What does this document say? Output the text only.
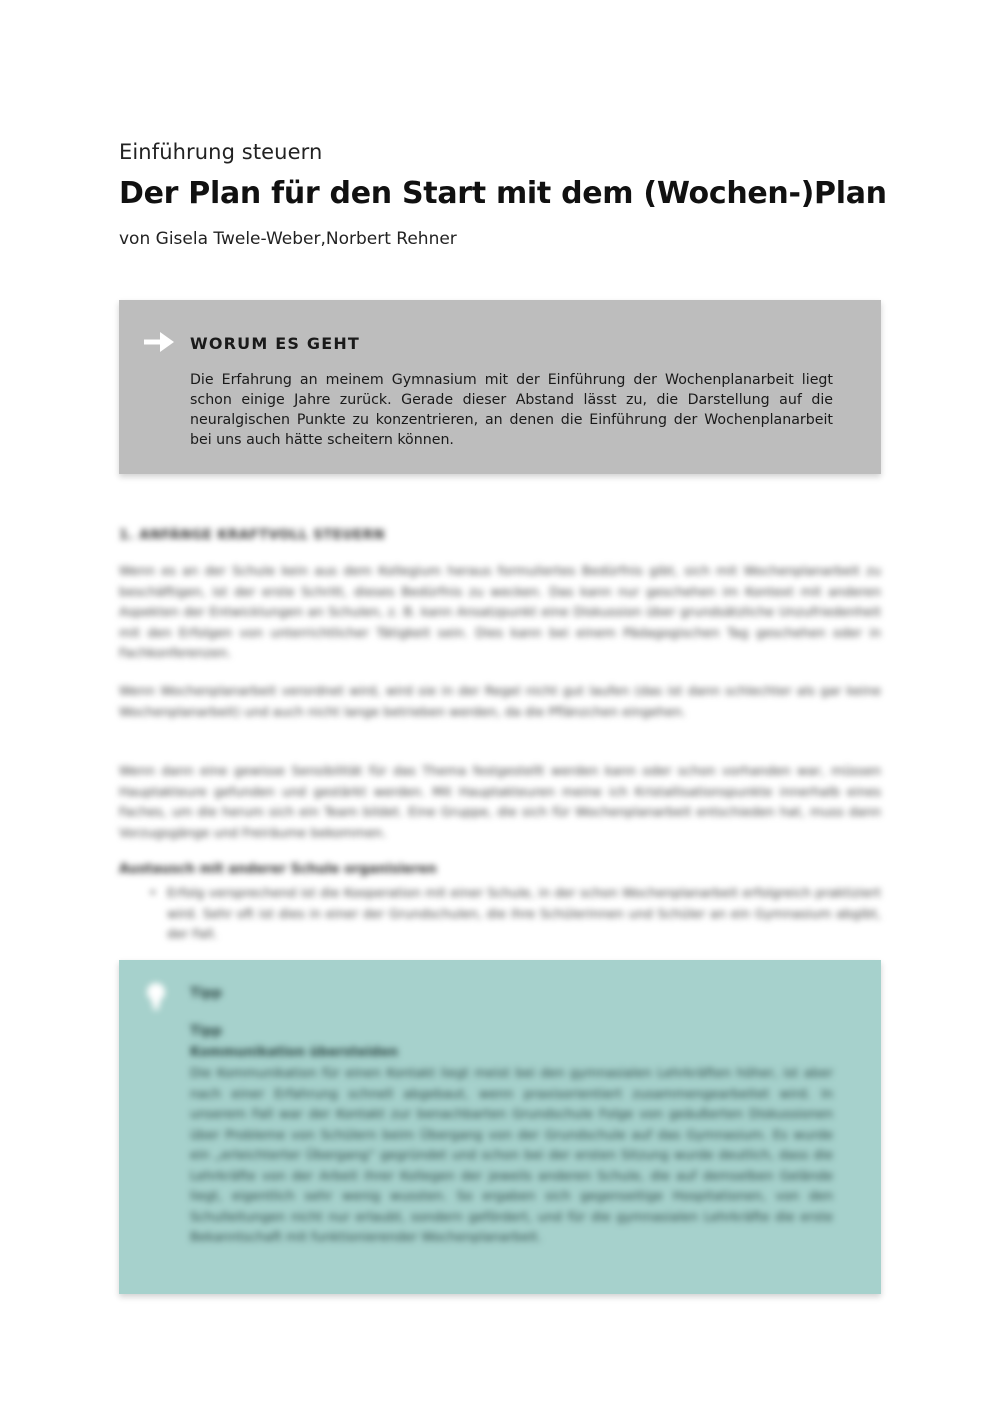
Einführung steuern
Der Plan für den Start mit dem (Wochen-)Plan
von Gisela Twele-Weber,Norbert Rehner
WORUM ES GEHT

Die Erfahrung an meinem Gymnasium mit der Einführung der Wochenplanarbeit liegt schon einige Jahre zurück. Gerade dieser Abstand lässt zu, die Darstellung auf die neuralgischen Punkte zu konzentrieren, an denen die Einführung der Wochenplanarbeit bei uns auch hätte scheitern können.

1. ANFÄNGE KRAFTVOLL STEUERN

Wenn es an der Schule kein aus dem Kollegium heraus formuliertes Bedürfnis gibt, sich mit Wochenplanarbeit zu beschäftigen, ist der erste Schritt, dieses Bedürfnis zu wecken. Das kann nur geschehen im Kontext mit anderen Aspekten der Entwicklungen an Schulen, z. B. kann Ansatzpunkt eine Diskussion über grundsätzliche Unzufriedenheit mit den Erfolgen von unterrichtlicher Tätigkeit sein. Dies kann bei einem Pädagogischen Tag geschehen oder in Fachkonferenzen.

Wenn Wochenplanarbeit verordnet wird, wird sie in der Regel nicht gut laufen (das ist dann schlechter als gar keine Wochenplanarbeit) und auch nicht lange betrieben werden, da die Pflänzchen eingehen.

Wenn dann eine gewisse Sensibilität für das Thema festgestellt werden kann oder schon vorhanden war, müssen Hauptakteure gefunden und gestärkt werden. Mit Hauptakteuren meine ich Kristallisationspunkte innerhalb eines Faches, um die herum sich ein Team bildet. Eine Gruppe, die sich für Wochenplanarbeit entschieden hat, muss dann Vorzugsgänge und Freiräume bekommen.

Austausch mit anderer Schule organisieren
• Erfolg versprechend ist die Kooperation mit einer Schule, in der schon Wochenplanarbeit erfolgreich praktiziert wird. Sehr oft ist dies in einer der Grundschulen, die ihre Schülerinnen und Schüler an ein Gymnasium abgibt, der Fall.
Tipp
Tipp
Kommunikation übersteiden

Die Kommunikation für einen Kontakt liegt meist bei den gymnasialen Lehrkräften höher, ist aber nach einer Erfahrung schnell abgebaut, wenn praxisorientiert zusammengearbeitet wird. In unserem Fall war der Kontakt zur benachbarten Grundschule Folge von geäußerten Diskussionen über Probleme von Schülern beim Übergang von der Grundschule auf das Gymnasium. Es wurde ein „erleichterter Übergang“ gegründet und schon bei der ersten Sitzung wurde deutlich, dass die Lehrkräfte von der Arbeit ihrer Kollegen der jeweils anderen Schule, die auf demselben Gelände liegt, eigentlich sehr wenig wussten. So ergaben sich gegenseitige Hospitationen, von den Schulleitungen nicht nur erlaubt, sondern gefördert, und für die gymnasialen Lehrkräfte die erste Bekanntschaft mit funktionierender Wochenplanarbeit.
